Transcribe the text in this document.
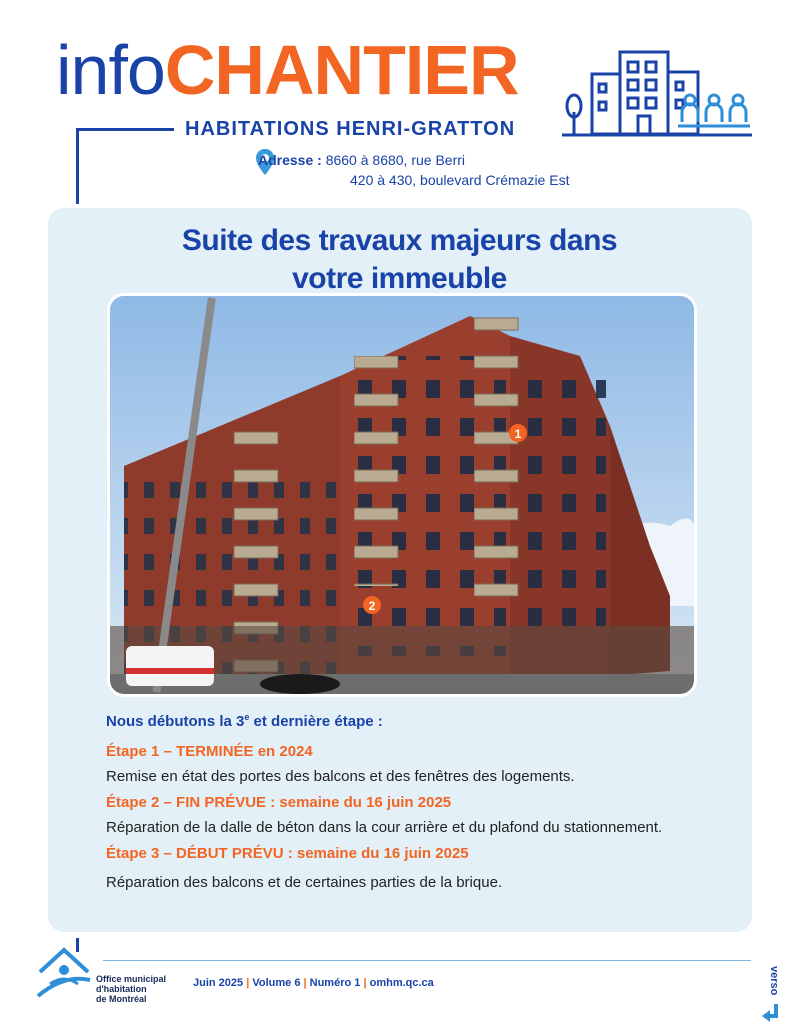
infoCHANTIER
HABITATIONS HENRI-GRATTON
Adresse : 8660 à 8680, rue Berri
420 à 430, boulevard Crémazie Est
Suite des travaux majeurs dans
votre immeuble
1
2
Nous débutons la 3e et dernière étape :
Étape 1 – TERMINÉE en 2024
Remise en état des portes des balcons et des fenêtres des logements.
Étape 2 – FIN PRÉVUE : semaine du 16 juin 2025
Réparation de la dalle de béton dans la cour arrière et du plafond du stationnement.
Étape 3 – DÉBUT PRÉVU : semaine du 16 juin 2025
Réparation des balcons et de certaines parties de la brique.
Office municipal
d'habitation
de Montréal
Juin 2025 | Volume 6 | Numéro 1 | omhm.qc.ca	verso
